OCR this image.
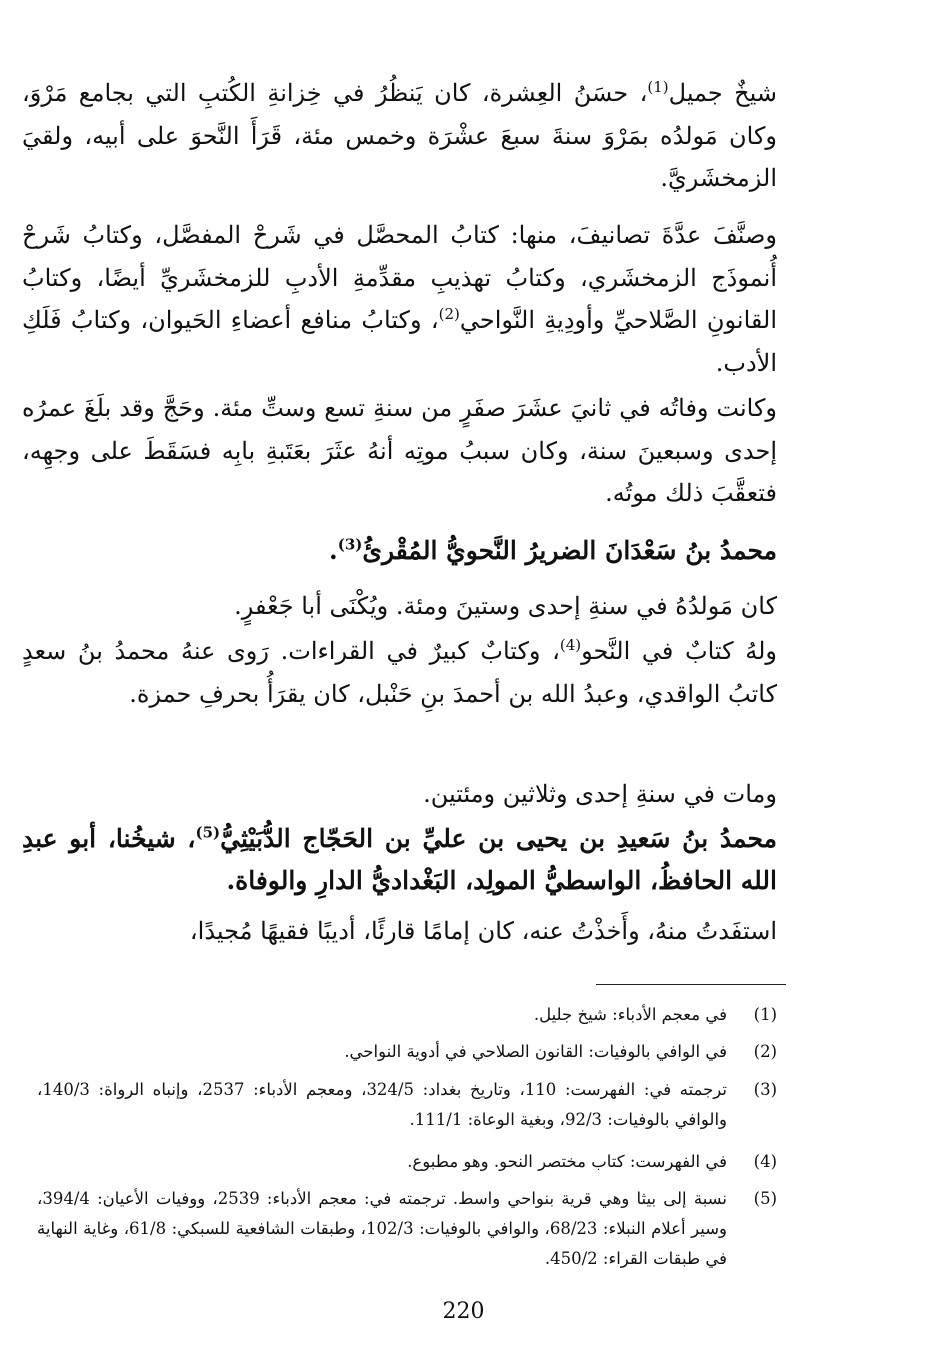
شيخٌ جميل$^{(1)}$، حسَنُ العِشرة، كان يَنظُرُ في خِزانةِ الكُتبِ التي بجامع مَرْوَ، وكان مَولدُه بمَرْوَ سنةَ سبعَ عشْرَة وخمس مئة، قَرَأَ النَّحوَ على أبيه، ولقيَ الزمخشَريَّ.
وصنَّفَ عدَّةَ تصانيفَ، منها: كتابُ المحصَّل في شَرحْ المفصَّل، وكتابُ شَرحْ أُنموذَج الزمخشَري، وكتابُ تهذيبِ مقدِّمةِ الأدبِ للزمخشَريِّ أيضًا، وكتابُ القانونِ الصَّلاحيِّ وأودِيةِ النَّواحي$^{(2)}$، وكتابُ منافع أعضاءِ الحَيوان، وكتابُ فَلَكِ الأدب.
وكانت وفاتُه في ثانيَ عشَرَ صفَرٍ من سنةِ تسع وستِّ مئة. وحَجَّ وقد بلَغَ عمرُه إحدى وسبعينَ سنة، وكان سببُ موتِه أنهُ عثَرَ بعَتَبةِ بابِه فسَقَطَ على وجهِه، فتعقَّبَ ذلك موتُه.
محمدُ بنُ سَعْدَانَ الضريرُ النَّحويُّ المُقْرئُ$^{(3)}$.
كان مَولدُهُ في سنةِ إحدى وستينَ ومئة. ويُكْنَى أبا جَعْفرٍ.
ولهُ كتابٌ في النَّحو$^{(4)}$، وكتابٌ كبيرٌ في القراءات. رَوى عنهُ محمدُ بنُ سعدٍ كاتبُ الواقدي، وعبدُ الله بن أحمدَ بنِ حَنْبل، كان يقرَأُ بحرفِ حمزة.
ومات في سنةِ إحدى وثلاثين ومئتين.
محمدُ بنُ سَعيدِ بن يحيى بن عليِّ بن الحَجّاج الدُّبَيْثِيُّ$^{(5)}$، شيخُنا، أبو عبدِ الله الحافظُ، الواسطيُّ المولِد، البَغْداديُّ الدارِ والوفاة.
استفَدتُ منهُ، وأَخذْتُ عنه، كان إمامًا قارئًا، أديبًا فقيهًا مُجيدًا،
(1)
في معجم الأدباء: شيخ جليل.
(2)
في الوافي بالوفيات: القانون الصلاحي في أدوية النواحي.
(3)
ترجمته في: الفهرست: 110، وتاريخ بغداد: 324/5، ومعجم الأدباء: 2537، وإنباه الرواة: 140/3، والوافي بالوفيات: 92/3، وبغية الوعاة: 111/1.
(4)
في الفهرست: كتاب مختصر النحو. وهو مطبوع.
(5)
نسبة إلى بيثا وهي قرية بنواحي واسط. ترجمته في: معجم الأدباء: 2539، ووفيات الأعيان: 394/4، وسير أعلام النبلاء: 68/23، والوافي بالوفيات: 102/3، وطبقات الشافعية للسبكي: 61/8، وغاية النهاية في طبقات القراء: 450/2.
220
